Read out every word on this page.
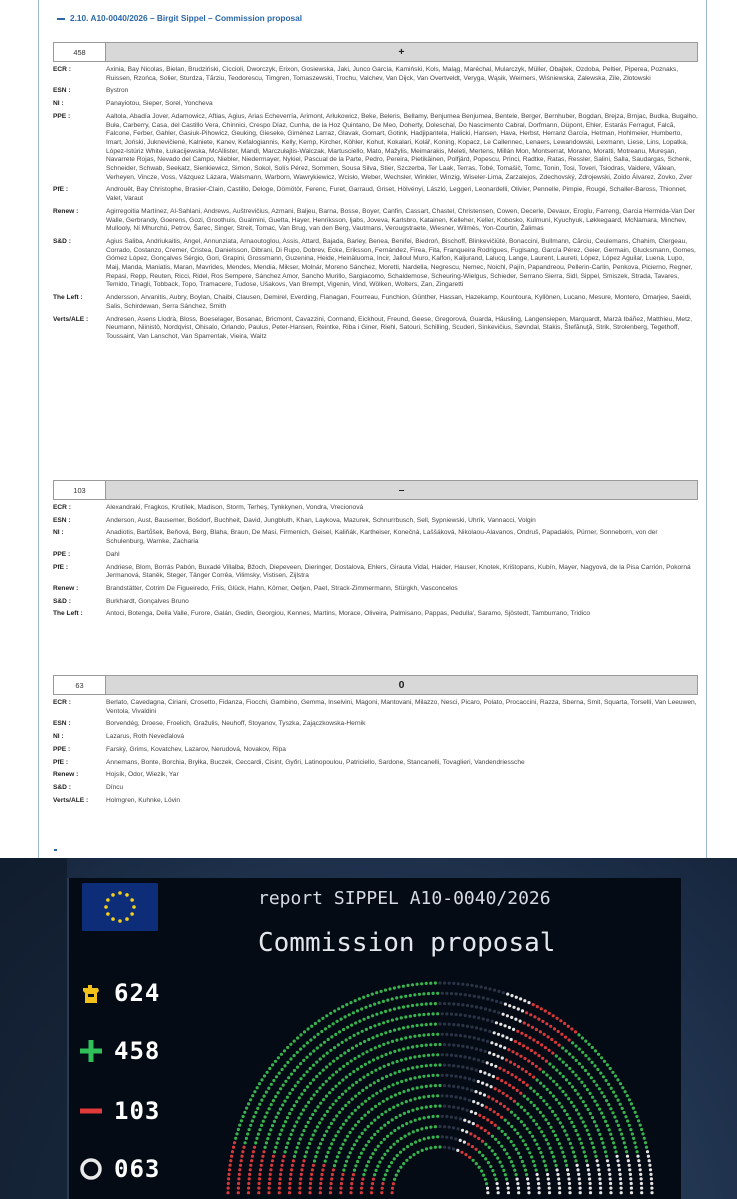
2.10. A10-0040/2026 – Birgit Sippel – Commission proposal
458	+
ECR :	Axinia, Bay Nicolas, Bielan, Brudziński, Ciccioli, Dworczyk, Erixon, Gosiewska, Jaki, Junco García, Kamiński, Kols, Maląg, Maréchal, Mularczyk, Müller, Obajtek, Ozdoba, Peltier, Piperea, Poznaks, Ruissen, Rzońca, Solier, Sturdza, Tărziu, Teodorescu, Timgren, Tomaszewski, Trochu, Valchev, Van Dijck, Van Overtveldt, Veryga, Wąsik, Weimers, Wiśniewska, Zalewska, Zile, Złotowski
ESN :	Bystron
NI :	Panayiotou, Sieper, Sorel, Yoncheva
PPE :	Aaltola, Abadía Jover, Adamowicz, Aftias, Agius, Arias Echeverría, Arimont, Arłukowicz, Beke, Beleris, Bellamy, Benjumea Benjumea, Bentele, Berger, Bernhuber, Bogdan, Brejza, Brnjac, Budka, Bugalho, Buła, Carberry, Casa, del Castillo Vera, Chinnici, Crespo Díaz, Cunha, de la Hoz Quintano, De Meo, Doherty, Doleschal, Do Nascimento Cabral, Dorfmann, Düpont, Ehler, Estarás Ferragut, Falcă, Falcone, Ferber, Gahler, Gasiuk-Pihowicz, Geuking, Gieseke, Giménez Larraz, Glavak, Gomart, Gotink, Hadjipantela, Halicki, Hansen, Hava, Herbst, Herranz García, Hetman, Hohlmeier, Humberto, Imart, Joński, Juknevičienė, Kalniete, Kanev, Kefalogiannis, Kelly, Kemp, Kircher, Köhler, Kohut, Kokalari, Kolář, Koning, Kopacz, Le Callennec, Lenaers, Lewandowski, Lexmann, Liese, Lins, Lopatka, López-Istúriz White, Łukacijewska, McAllister, Mandl, Marczułajtis-Walczak, Martusciello, Mato, Mažylis, Meimarakis, Meleti, Mertens, Millán Mon, Montserrat, Morano, Moratti, Motreanu, Mureşan, Navarrete Rojas, Nevado del Campo, Niebler, Niedermayer, Nykiel, Pascual de la Parte, Pedro, Pereira, Pietikäinen, Polfjärd, Popescu, Princi, Radtke, Ratas, Ressler, Salini, Salla, Saudargas, Schenk, Schneider, Schwab, Seekatz, Sienkiewicz, Simon, Sokol, Solís Pérez, Sommen, Sousa Silva, Stier, Szczerba, Ter Laak, Terras, Tobé, Tomašič, Tomc, Tonin, Tosi, Toveri, Tsiodras, Vaidere, Vălean, Verheyen, Vincze, Voss, Vázquez Lázara, Walsmann, Warborn, Wawrykiewicz, Wcisło, Weber, Wechsler, Winkler, Winzig, Wiseler-Lima, Zarzalejos, Zdechovský, Zdrojewski, Zoido Álvarez, Zovko, Zver
PfE :	Androuët, Bay Christophe, Brasier-Clain, Castillo, Deloge, Dömötör, Ferenc, Furet, Garraud, Griset, Hölvényi, László, Leggeri, Leonardelli, Olivier, Pennelle, Pimpie, Rougé, Schaller-Baross, Thionnet, Valet, Varaut
Renew :	Agirregoitia Martínez, Al-Sahlani, Andrews, Auštrevičius, Azmani, Baljeu, Barna, Bosse, Boyer, Canfin, Cassart, Chastel, Christensen, Cowen, Decerle, Devaux, Eroglu, Farreng, Garcia Hermida-Van Der Walle, Gerbrandy, Goerens, Gozi, Groothuis, Gualmini, Guetta, Hayer, Henriksson, Ijabs, Joveva, Karlsbro, Katainen, Kelleher, Keller, Kobosko, Kulmuni, Kyuchyuk, Løkkegaard, McNamara, Minchev, Mullooly, Ní Mhurchú, Petrov, Šarec, Singer, Streit, Tomac, Van Brug, van den Berg, Vautmans, Verougstraete, Wiesner, Wilmès, Yon-Courtin, Žalimas
S&D :	Agius Saliba, Andriukaitis, Angel, Annunziata, Arnaoutoglou, Assis, Attard, Bajada, Barley, Benea, Benifei, Biedroń, Bischoff, Blinkevičiūtė, Bonaccini, Bullmann, Cărciu, Ceulemans, Chahim, Clergeau, Corrado, Costanzo, Cremer, Cristea, Danielsson, Dibrani, Di Rupo, Dobrev, Ecke, Eriksson, Fernández, Firea, Fita, Franqueira Rodrigues, Fuglsang, García Pérez, Geier, Germain, Glucksmann, Gomes, Gómez López, Gonçalves Sérgio, Gori, Grapini, Grossmann, Guzenina, Heide, Heinäluoma, Incir, Jalloul Muro, Kalfon, Kaljurand, Lalucq, Lange, Laurent, Laureti, López, López Aguilar, Luena, Lupo, Maij, Manda, Maniatis, Maran, Mavrides, Mendes, Mendia, Mikser, Molnár, Moreno Sánchez, Moretti, Nardella, Negrescu, Nemec, Noichl, Pajín, Papandreou, Pellerin-Carlin, Penkova, Picierno, Regner, Repasi, Repp, Reuten, Ricci, Ridel, Ros Sempere, Sánchez Amor, Sancho Murillo, Sargiacomo, Schaldemose, Scheuring-Wielgus, Schieder, Serrano Sierra, Sidl, Sippel, Smiszek, Strada, Tavares, Temido, Tinagli, Tobback, Topo, Tramacere, Tudose, Ušakovs, Van Brempt, Vigenin, Vind, Wölken, Wolters, Zan, Zingaretti
The Left :	Andersson, Arvanitis, Aubry, Boylan, Chaibi, Clausen, Demirel, Everding, Flanagan, Fourreau, Funchion, Günther, Hassan, Hazekamp, Kountoura, Kyllönen, Lucano, Mesure, Montero, Omarjee, Saeidi, Salis, Schirdewan, Serra Sánchez, Smith
Verts/ALE :	Andresen, Asens Llodrà, Bloss, Boeselager, Bosanac, Bricmont, Cavazzini, Cormand, Eickhout, Freund, Geese, Gregorová, Guarda, Häusling, Langensiepen, Marquardt, Marzà Ibáñez, Matthieu, Metz, Neumann, Niinistö, Nordqvist, Ohisalo, Orlando, Paulus, Peter-Hansen, Reintke, Riba i Giner, Riehl, Satouri, Schilling, Scuderi, Sinkevičius, Søvndal, Stakis, Štefănuţă, Strik, Strolenberg, Tegethoff, Toussaint, Van Lanschot, Van Sparrentak, Vieira, Waitz
103	–
ECR :	Alexandraki, Fragkos, Krutílek, Madison, Storm, Terheş, Tynkkynen, Vondra, Vrecionová
ESN :	Anderson, Aust, Bausemer, Bošdorf, Buchheit, David, Jungbluth, Khan, Laykova, Mazurek, Schnurrbusch, Sell, Sypniewski, Uhrík, Vannacci, Volgin
NI :	Anadiotis, Bartůšek, Beňová, Berg, Blaha, Braun, De Masi, Firmenich, Geisel, Kaliňák, Kartheiser, Konečná, Laššáková, Nikolaou-Alavanos, Ondruš, Papadakis, Pürner, Sonneborn, von der Schulenburg, Warnke, Zacharia
PPE :	Dahl
PfE :	Andriese, Blom, Borrás Pabón, Buxadé Villalba, Bžoch, Diepeveen, Dieringer, Dostalova, Ehlers, Girauta Vidal, Haider, Hauser, Knotek, Krištopans, Kubín, Mayer, Nagyová, de la Pisa Carrión, Pokorná Jermanová, Staněk, Steger, Tânger Corrêa, Vilimsky, Vistisen, Zijlstra
Renew :	Brandstätter, Cotrim De Figueiredo, Friis, Glück, Hahn, Körner, Oetjen, Paet, Strack-Zimmermann, Stürgkh, Vasconcelos
S&D :	Burkhardt, Gonçalves Bruno
The Left :	Antoci, Botenga, Della Valle, Furore, Galán, Gedin, Georgiou, Kennes, Martins, Morace, Oliveira, Palmisano, Pappas, Pedulla', Saramo, Sjöstedt, Tamburrano, Tridico
63	0
ECR :	Berlato, Cavedagna, Ciriani, Crosetto, Fidanza, Fiocchi, Gambino, Gemma, Inselvini, Magoni, Mantovani, Milazzo, Nesci, Picaro, Polato, Procaccini, Razza, Sberna, Smit, Squarta, Torselli, Van Leeuwen, Ventola, Vivaldini
ESN :	Borvendég, Droese, Froelich, Gražulis, Neuhoff, Stoyanov, Tyszka, Zajączkowska-Hernik
NI :	Lazarus, Roth Neveďalová
PPE :	Farský, Grims, Kovatchev, Lazarov, Nerudová, Novakov, Ripa
PfE :	Annemans, Bonte, Borchia, Bryłka, Buczek, Ceccardi, Cisint, Győri, Latinopoulou, Patriciello, Sardone, Stancanelli, Tovaglieri, Vandendriessche
Renew :	Hojsík, Odor, Wiezik, Yar
S&D :	Dîncu
Verts/ALE :	Holmgren, Kuhnke, Lövin
report SIPPEL A10-0040/2026
Commission proposal
624
458
103
063
